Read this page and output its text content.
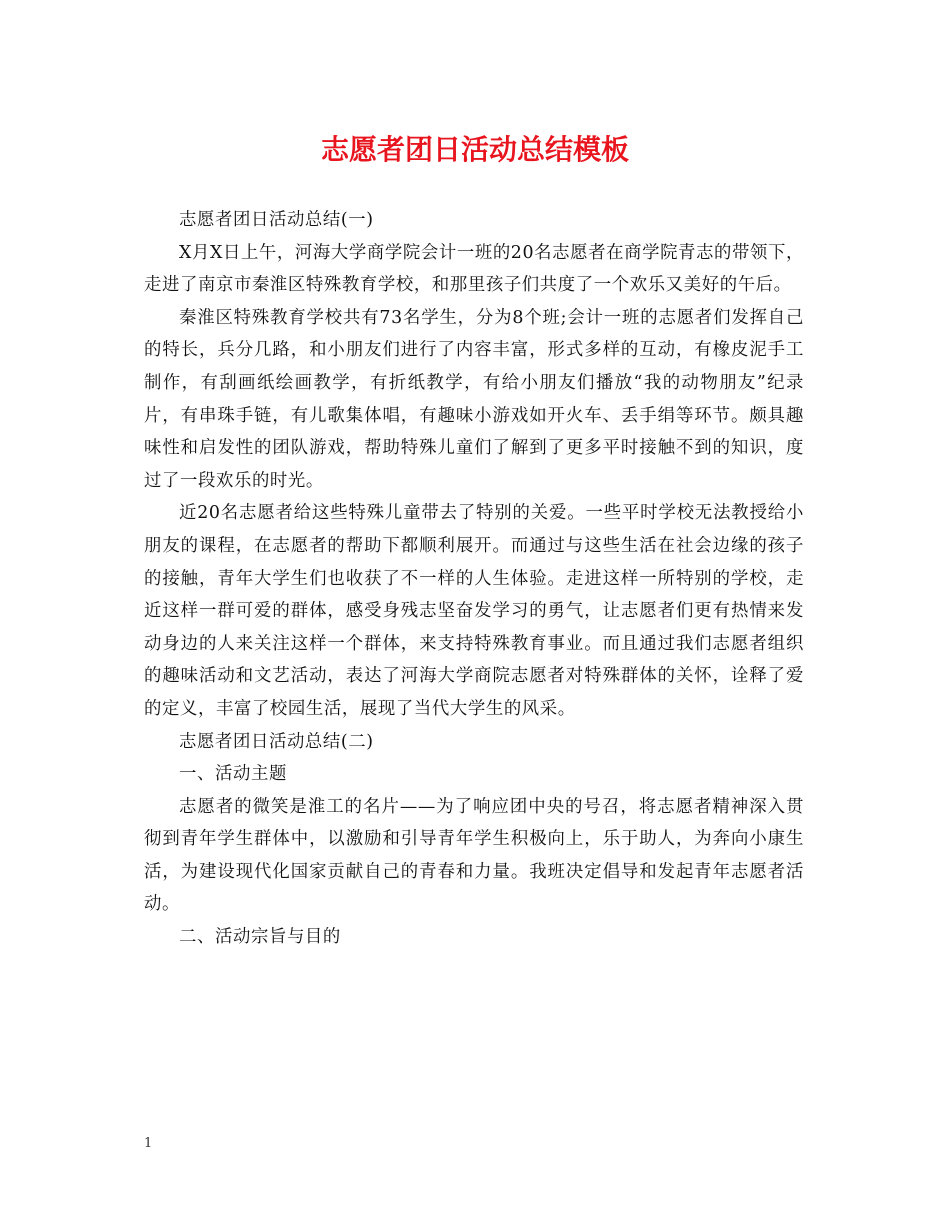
志愿者团日活动总结模板

志愿者团日活动总结(一)

X月X日上午，河海大学商学院会计一班的20名志愿者在商学院青志的带领下，走进了南京市秦淮区特殊教育学校，和那里孩子们共度了一个欢乐又美好的午后。

秦淮区特殊教育学校共有73名学生，分为8个班;会计一班的志愿者们发挥自己的特长，兵分几路，和小朋友们进行了内容丰富，形式多样的互动，有橡皮泥手工制作，有刮画纸绘画教学，有折纸教学，有给小朋友们播放“我的动物朋友”纪录片，有串珠手链，有儿歌集体唱，有趣味小游戏如开火车、丢手绢等环节。颇具趣味性和启发性的团队游戏，帮助特殊儿童们了解到了更多平时接触不到的知识，度过了一段欢乐的时光。

近20名志愿者给这些特殊儿童带去了特别的关爱。一些平时学校无法教授给小朋友的课程，在志愿者的帮助下都顺利展开。而通过与这些生活在社会边缘的孩子的接触，青年大学生们也收获了不一样的人生体验。走进这样一所特别的学校，走近这样一群可爱的群体，感受身残志坚奋发学习的勇气，让志愿者们更有热情来发动身边的人来关注这样一个群体，来支持特殊教育事业。而且通过我们志愿者组织的趣味活动和文艺活动，表达了河海大学商院志愿者对特殊群体的关怀，诠释了爱的定义，丰富了校园生活，展现了当代大学生的风采。

志愿者团日活动总结(二)

一、活动主题

志愿者的微笑是淮工的名片——为了响应团中央的号召，将志愿者精神深入贯彻到青年学生群体中，以激励和引导青年学生积极向上，乐于助人，为奔向小康生活，为建设现代化国家贡献自己的青春和力量。我班决定倡导和发起青年志愿者活动。

二、活动宗旨与目的

1
